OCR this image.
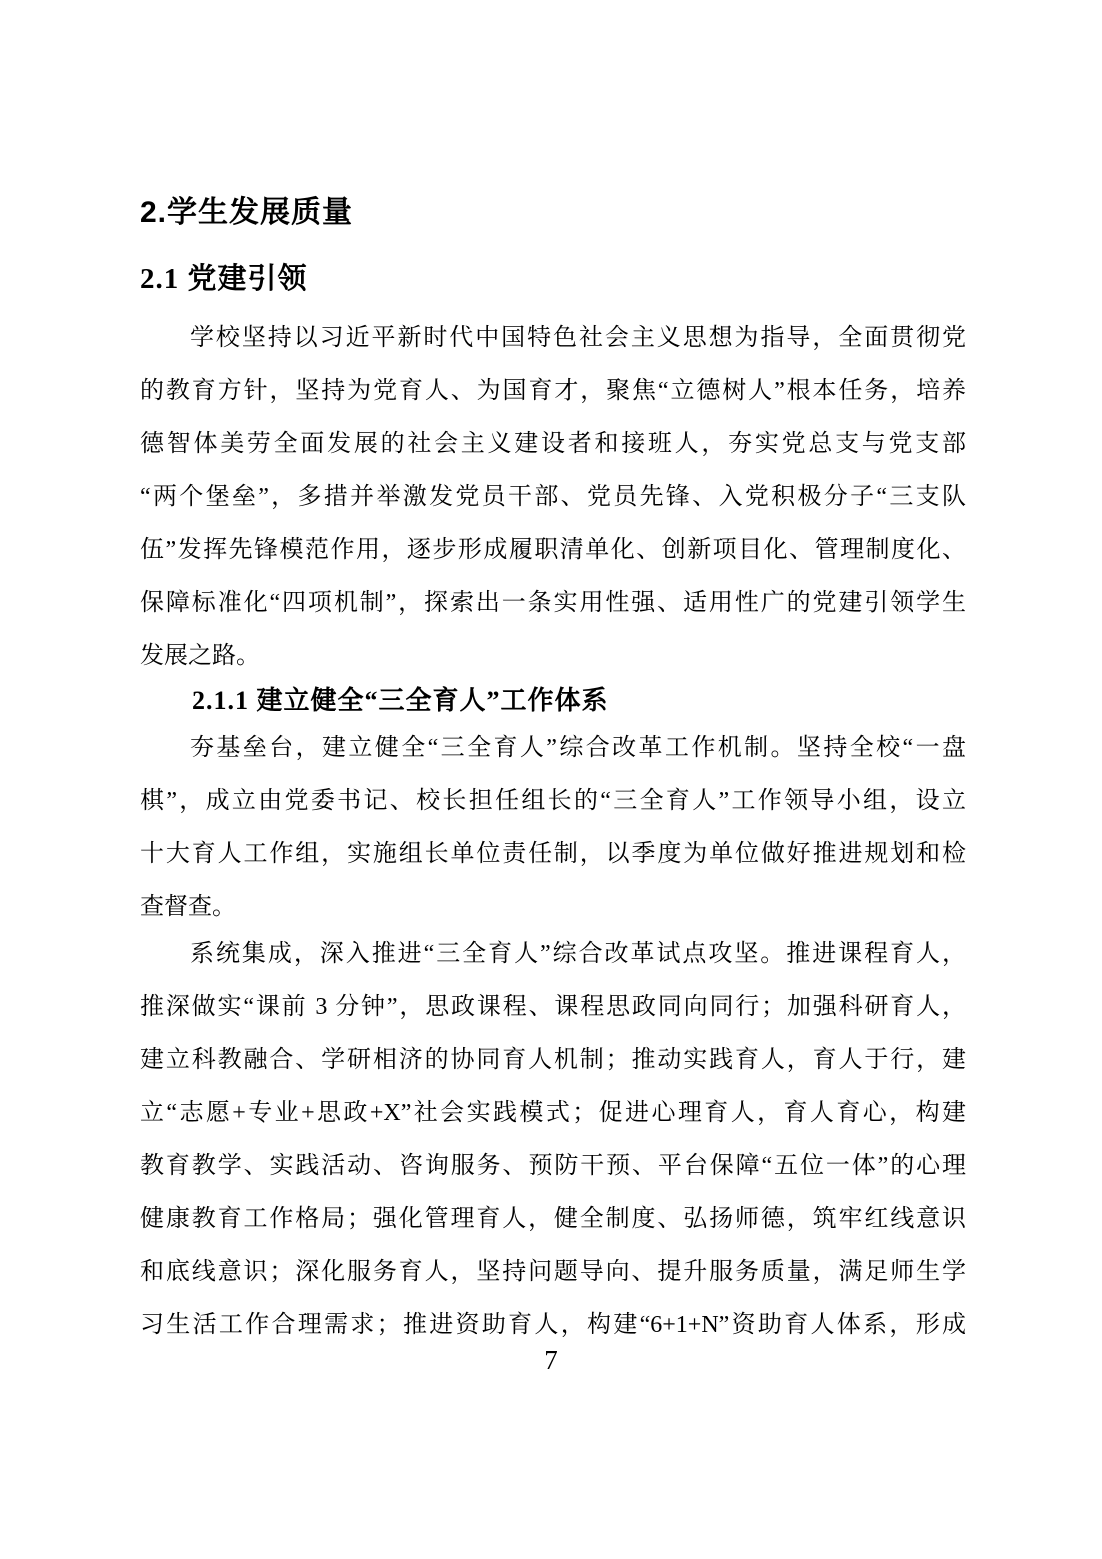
2.学生发展质量
2.1 党建引领
学校坚持以习近平新时代中国特色社会主义思想为指导，全面贯彻党
的教育方针，坚持为党育人、为国育才，聚焦“立德树人”根本任务，培养
德智体美劳全面发展的社会主义建设者和接班人，夯实党总支与党支部
“两个堡垒”，多措并举激发党员干部、党员先锋、入党积极分子“三支队
伍”发挥先锋模范作用，逐步形成履职清单化、创新项目化、管理制度化、
保障标准化“四项机制”，探索出一条实用性强、适用性广的党建引领学生
发展之路。
2.1.1 建立健全“三全育人”工作体系
夯基垒台，建立健全“三全育人”综合改革工作机制。坚持全校“一盘
棋”，成立由党委书记、校长担任组长的“三全育人”工作领导小组，设立
十大育人工作组，实施组长单位责任制，以季度为单位做好推进规划和检
查督查。
系统集成，深入推进“三全育人”综合改革试点攻坚。推进课程育人，
推深做实“课前 3 分钟”，思政课程、课程思政同向同行；加强科研育人，
建立科教融合、学研相济的协同育人机制；推动实践育人，育人于行，建
立“志愿+专业+思政+X”社会实践模式；促进心理育人，育人育心，构建
教育教学、实践活动、咨询服务、预防干预、平台保障“五位一体”的心理
健康教育工作格局；强化管理育人，健全制度、弘扬师德，筑牢红线意识
和底线意识；深化服务育人，坚持问题导向、提升服务质量，满足师生学
习生活工作合理需求；推进资助育人，构建“6+1+N”资助育人体系，形成
7
